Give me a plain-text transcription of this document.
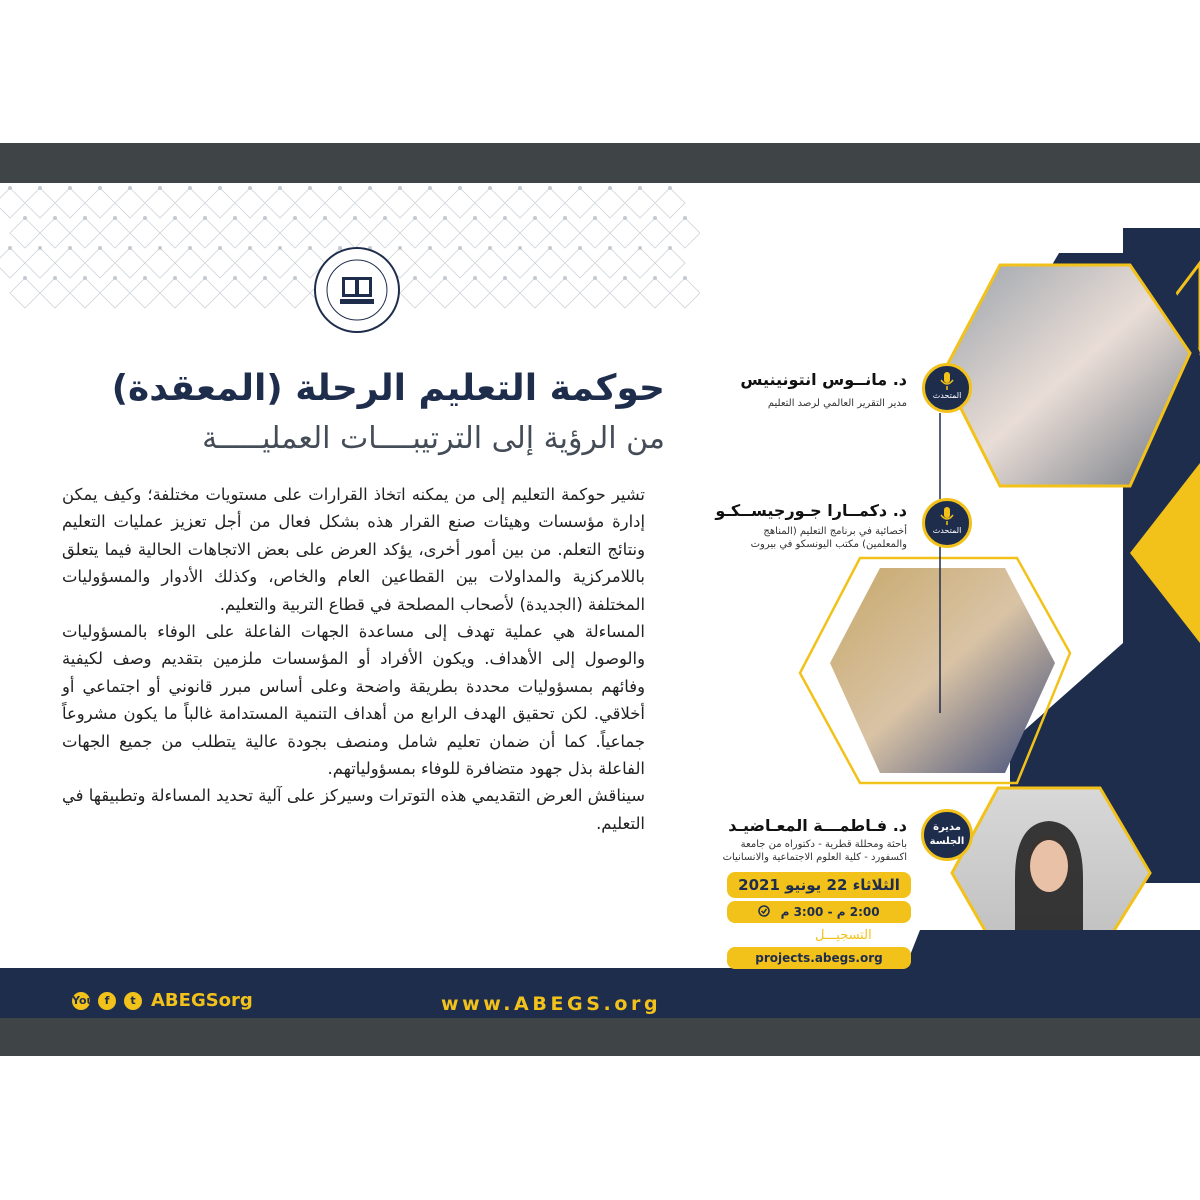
حوكمة التعليم الرحلة (المعقدة)
من الرؤية إلى الترتيبــــات العمليـــــة

تشير حوكمة التعليم إلى من يمكنه اتخاذ القرارات على مستويات مختلفة؛ وكيف يمكن إدارة مؤسسات وهيئات صنع القرار هذه بشكل فعال من أجل تعزيز عمليات التعليم ونتائج التعلم. من بين أمور أخرى، يؤكد العرض على بعض الاتجاهات الحالية فيما يتعلق باللامركزية والمداولات بين القطاعين العام والخاص، وكذلك الأدوار والمسؤوليات المختلفة (الجديدة) لأصحاب المصلحة في قطاع التربية والتعليم.

المساءلة هي عملية تهدف إلى مساعدة الجهات الفاعلة على الوفاء بالمسؤوليات والوصول إلى الأهداف. ويكون الأفراد أو المؤسسات ملزمين بتقديم وصف لكيفية وفائهم بمسؤوليات محددة بطريقة واضحة وعلى أساس مبرر قانوني أو اجتماعي أو أخلاقي. لكن تحقيق الهدف الرابع من أهداف التنمية المستدامة غالباً ما يكون مشروعاً جماعياً. كما أن ضمان تعليم شامل ومنصف بجودة عالية يتطلب من جميع الجهات الفاعلة بذل جهود متضافرة للوفاء بمسؤولياتهم.

سيناقش العرض التقديمي هذه التوترات وسيركز على آلية تحديد المساءلة وتطبيقها في التعليم.

د. مانــوس انتونينيس
مدير التقرير العالمي لرصد التعليم
المتحدث
د. دكمــارا جـورجيســكـو
أخصائية في برنامج التعليم (المناهج
والمعلمين) مكتب اليونسكو في بيروت
المتحدث
د. فـاطمـــة المعـاضيـد
باحثة ومحللة قطرية - دكتوراه من جامعة
اكسفورد - كلية العلوم الاجتماعية والانسانيات
مديرة
الجلسة
الثلاثاء 22 يونيو 2021
2:00 م - 3:00 م
www.ABEGS.org
You f	t ABEGSorg
التسجيـــل
projects.abegs.org
